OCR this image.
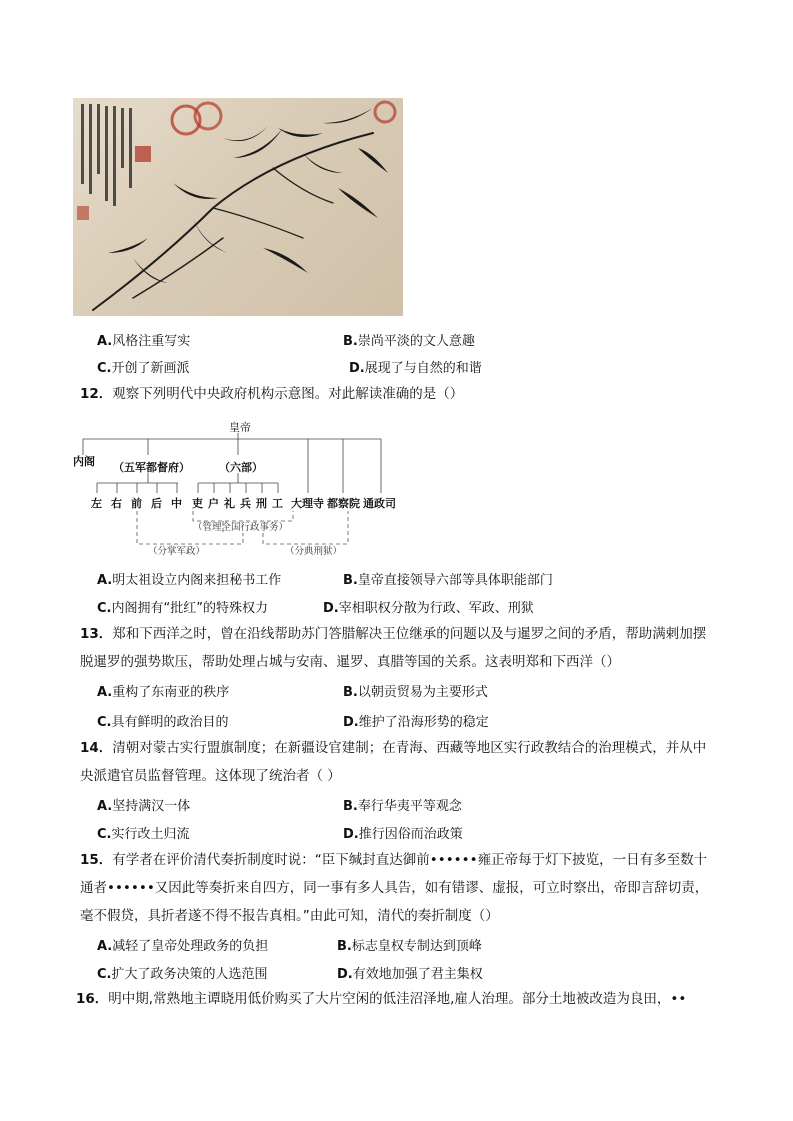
A.风格注重写实	B.崇尚平淡的文人意趣
C.开创了新画派	D.展现了与自然的和谐
12．观察下列明代中央政府机构示意图。对此解读准确的是（）
皇帝
内阁 （五军都督府）	（六部）
左 右 前 后 中 吏 户 礼 兵 刑 工 大理寺 都察院 通政司
（管理全国行政事务）
（分掌军政）	（分典刑狱）
A.明太祖设立内阁来担秘书工作	B.皇帝直接领导六部等具体职能部门
C.内阁拥有“批红”的特殊权力	D.宰相职权分散为行政、军政、刑狱
13．郑和下西洋之时，曾在沿线帮助苏门答腊解决王位继承的问题以及与暹罗之间的矛盾，帮助满剌加摆脱暹罗的强势欺压，帮助处理占城与安南、暹罗、真腊等国的关系。这表明郑和下西洋（）
A.重构了东南亚的秩序	B.以朝贡贸易为主要形式
C.具有鲜明的政治目的	D.维护了沿海形势的稳定
14．清朝对蒙古实行盟旗制度；在新疆设官建制；在青海、西藏等地区实行政教结合的治理模式，并从中央派遣官员监督管理。这体现了统治者（ ）
A.坚持满汉一体	B.奉行华夷平等观念
C.实行改土归流	D.推行因俗而治政策
15．有学者在评价清代奏折制度时说：“臣下缄封直达御前••••••雍正帝每于灯下披览，一日有多至数十通者••••••又因此等奏折来自四方，同一事有多人具告，如有错谬、虚报，可立时察出，帝即言辞切责，毫不假贷，具折者遂不得不报告真相。”由此可知，清代的奏折制度（）
A.减轻了皇帝处理政务的负担	B.标志皇权专制达到顶峰
C.扩大了政务决策的人选范围	D.有效地加强了君主集权
16．明中期,常熟地主谭晓用低价购买了大片空闲的低洼沼泽地,雇人治理。部分土地被改造为良田，••
